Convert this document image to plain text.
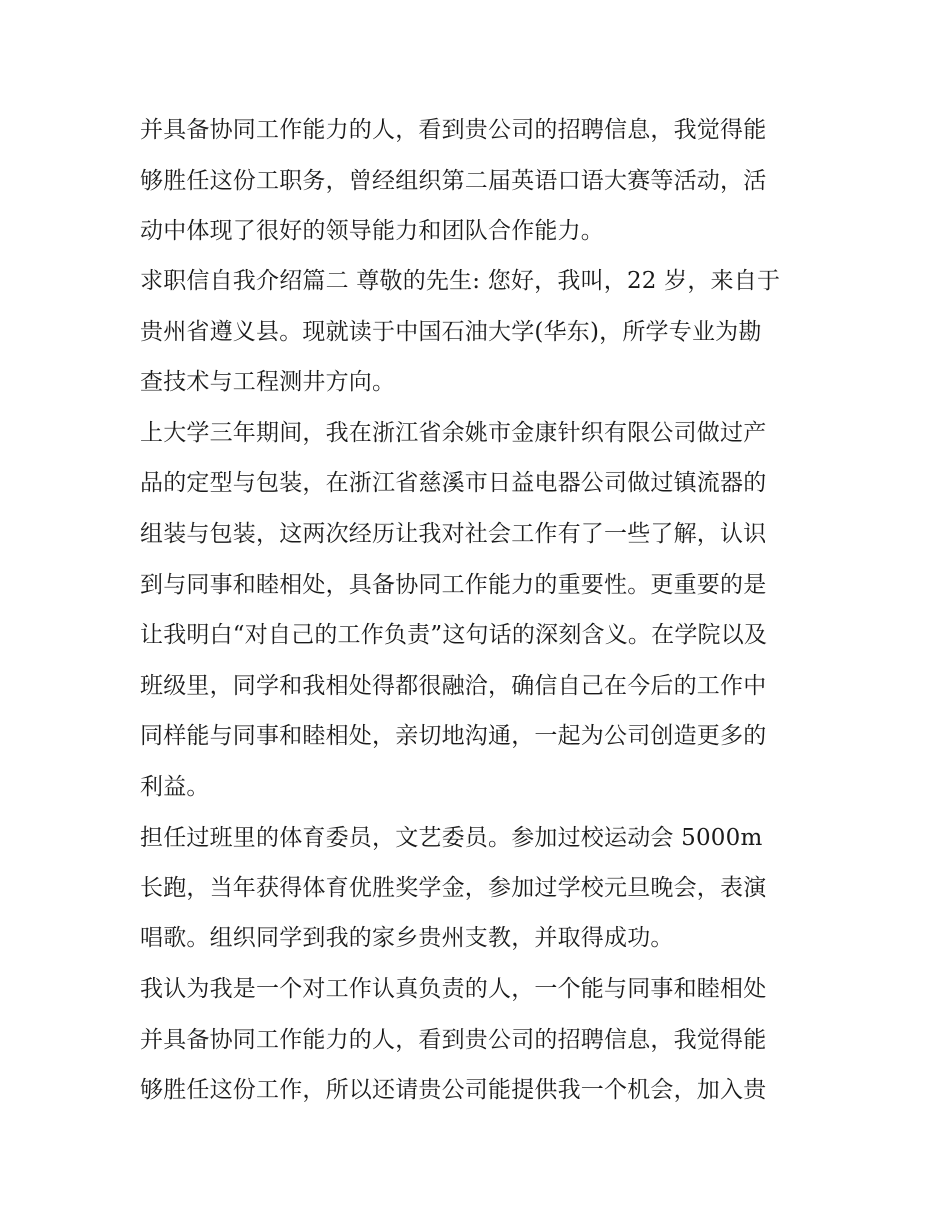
并具备协同工作能力的人，看到贵公司的招聘信息，我觉得能

够胜任这份工职务，曾经组织第二届英语口语大赛等活动，活

动中体现了很好的领导能力和团队合作能力。

求职信自我介绍篇二 尊敬的先生: 您好，我叫，22 岁，来自于

贵州省遵义县。现就读于中国石油大学(华东)，所学专业为勘

查技术与工程测井方向。

上大学三年期间，我在浙江省余姚市金康针织有限公司做过产

品的定型与包装，在浙江省慈溪市日益电器公司做过镇流器的

组装与包装，这两次经历让我对社会工作有了一些了解，认识

到与同事和睦相处，具备协同工作能力的重要性。更重要的是

让我明白“对自己的工作负责”这句话的深刻含义。在学院以及

班级里，同学和我相处得都很融洽，确信自己在今后的工作中

同样能与同事和睦相处，亲切地沟通，一起为公司创造更多的

利益。

担任过班里的体育委员，文艺委员。参加过校运动会 5000m

长跑，当年获得体育优胜奖学金，参加过学校元旦晚会，表演

唱歌。组织同学到我的家乡贵州支教，并取得成功。

我认为我是一个对工作认真负责的人，一个能与同事和睦相处

并具备协同工作能力的人，看到贵公司的招聘信息，我觉得能

够胜任这份工作，所以还请贵公司能提供我一个机会，加入贵
